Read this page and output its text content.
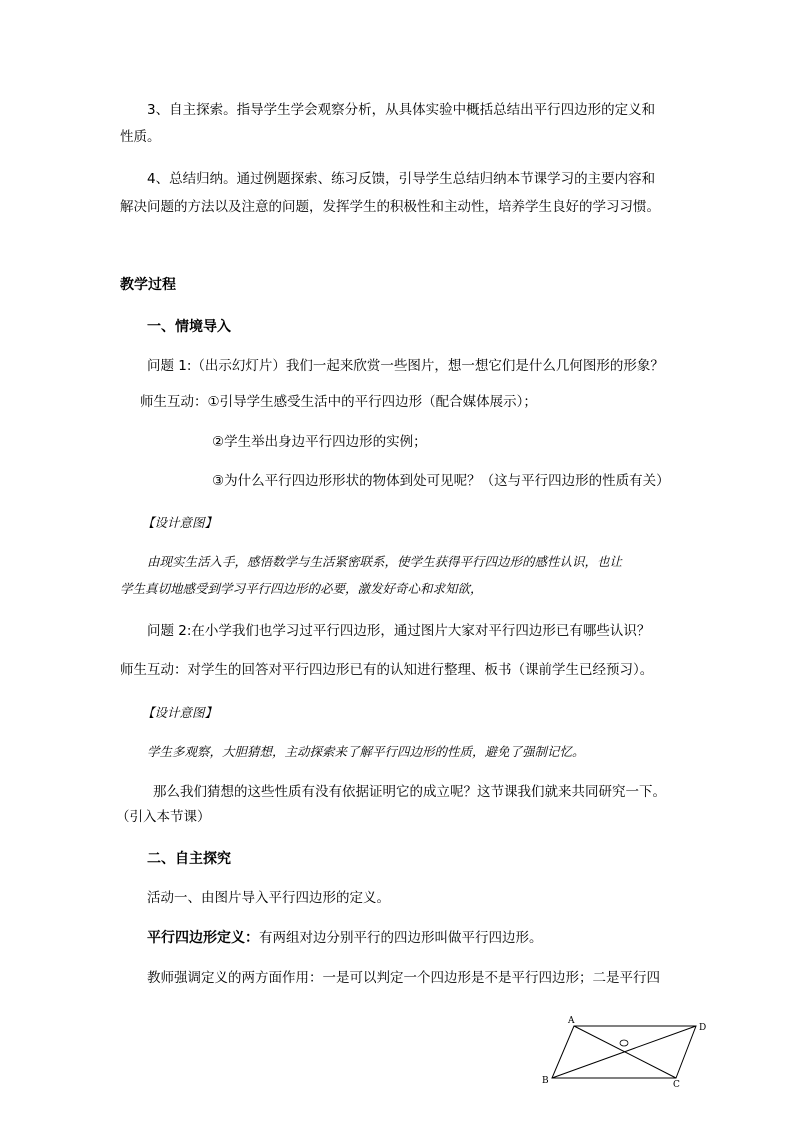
3、自主探索。指导学生学会观察分析，从具体实验中概括总结出平行四边形的定义和
性质。
4、总结归纳。通过例题探索、练习反馈，引导学生总结归纳本节课学习的主要内容和
解决问题的方法以及注意的问题，发挥学生的积极性和主动性，培养学生良好的学习习惯。
教学过程
一、情境导入
问题 1:（出示幻灯片）我们一起来欣赏一些图片，想一想它们是什么几何图形的形象？
师生互动：①引导学生感受生活中的平行四边形（配合媒体展示）；
②学生举出身边平行四边形的实例；
③为什么平行四边形形状的物体到处可见呢？（这与平行四边形的性质有关）
【设计意图】
由现实生活入手，感悟数学与生活紧密联系，使学生获得平行四边形的感性认识，也让
学生真切地感受到学习平行四边形的必要，激发好奇心和求知欲，
问题 2:在小学我们也学习过平行四边形，通过图片大家对平行四边形已有哪些认识？
师生互动：对学生的回答对平行四边形已有的认知进行整理、板书（课前学生已经预习）。
【设计意图】
学生多观察，大胆猜想，主动探索来了解平行四边形的性质，避免了强制记忆。
那么我们猜想的这些性质有没有依据证明它的成立呢？这节课我们就来共同研究一下。
（引入本节课）
二、自主探究
活动一、由图片导入平行四边形的定义。
平行四边形定义：有两组对边分别平行的四边形叫做平行四边形。
教师强调定义的两方面作用：一是可以判定一个四边形是不是平行四边形；二是平行四
A
D
B	C
